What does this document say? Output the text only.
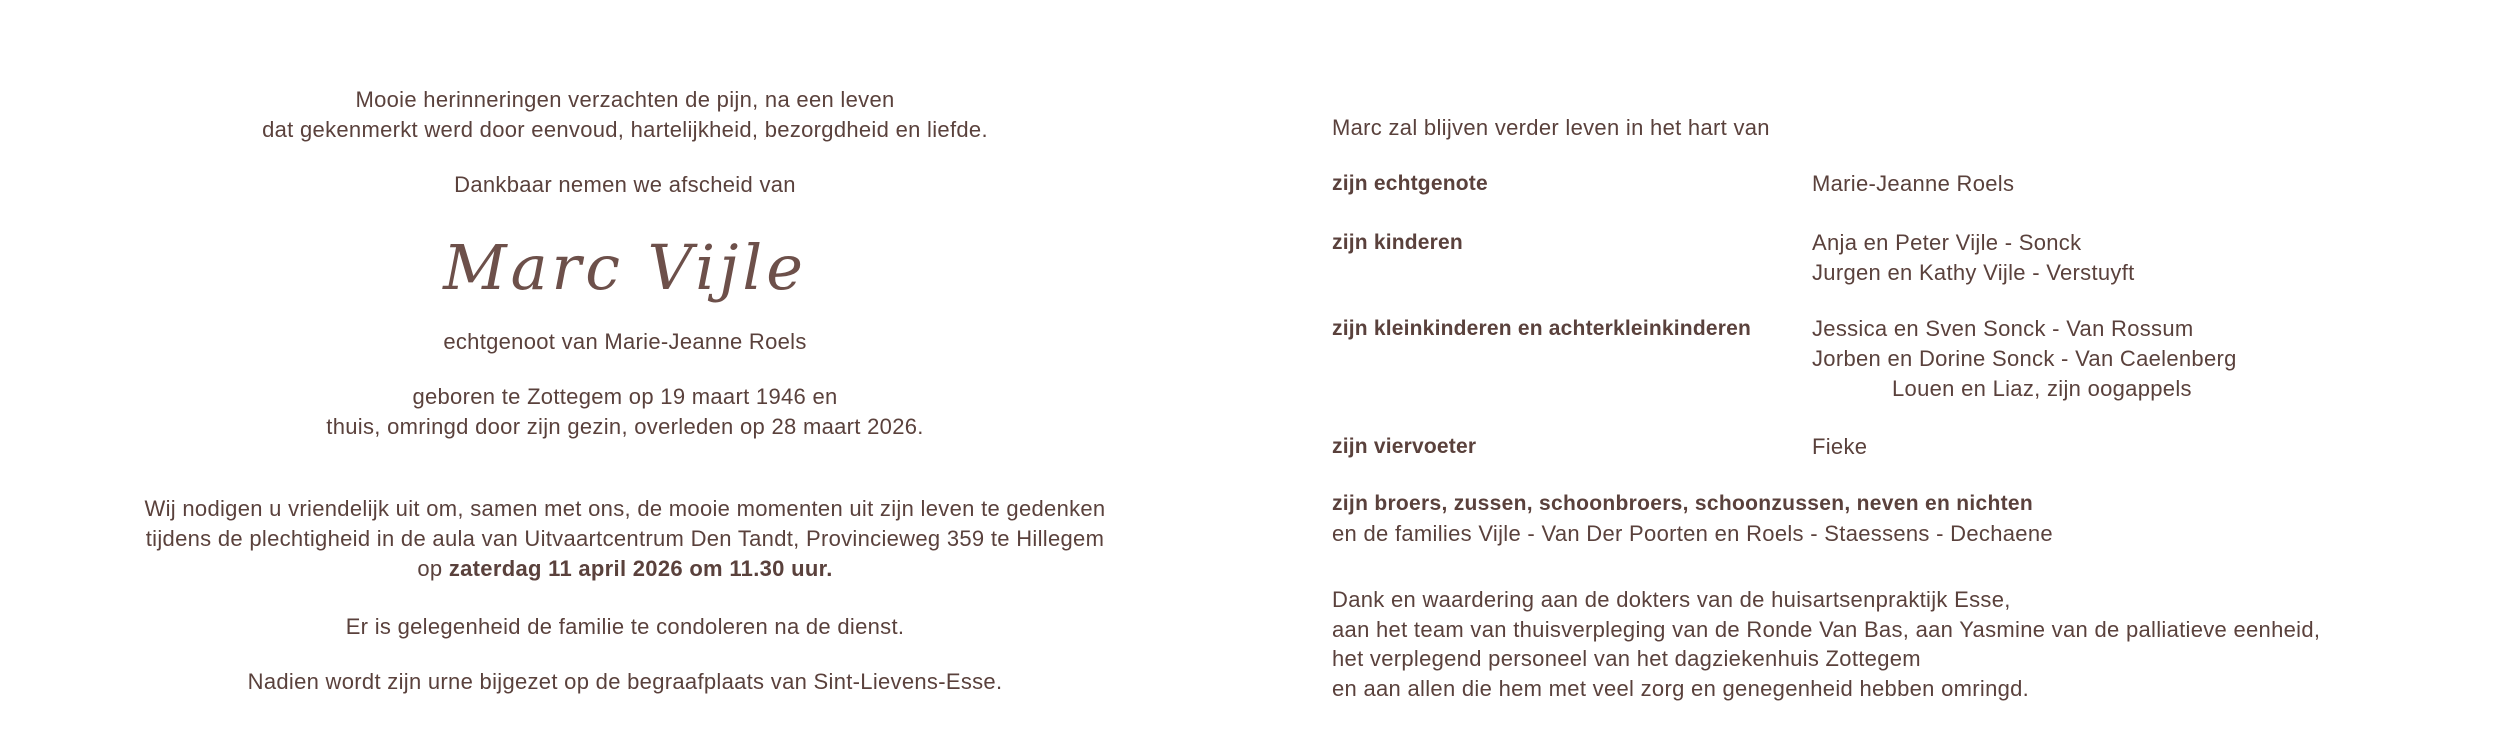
Mooie herinneringen verzachten de pijn, na een leven
dat gekenmerkt werd door eenvoud, hartelijkheid, bezorgdheid en liefde.
Dankbaar nemen we afscheid van
Marc Vijle
echtgenoot van Marie-Jeanne Roels
geboren te Zottegem op 19 maart 1946 en
thuis, omringd door zijn gezin, overleden op 28 maart 2026.
Wij nodigen u vriendelijk uit om, samen met ons, de mooie momenten uit zijn leven te gedenken
tijdens de plechtigheid in de aula van Uitvaartcentrum Den Tandt, Provincieweg 359 te Hillegem
op zaterdag 11 april 2026 om 11.30 uur.
Er is gelegenheid de familie te condoleren na de dienst.
Nadien wordt zijn urne bijgezet op de begraafplaats van Sint-Lievens-Esse.
Marc zal blijven verder leven in het hart van
zijn echtgenote	Marie-Jeanne Roels
zijn kinderen	Anja en Peter Vijle - Sonck
Jurgen en Kathy Vijle - Verstuyft
zijn kleinkinderen en achterkleinkinderen	Jessica en Sven Sonck - Van Rossum
Jorben en Dorine Sonck - Van Caelenberg
Louen en Liaz, zijn oogappels
zijn viervoeter	Fieke
zijn broers, zussen, schoonbroers, schoonzussen, neven en nichten
en de families Vijle - Van Der Poorten en Roels - Staessens - Dechaene
Dank en waardering aan de dokters van de huisartsenpraktijk Esse,
aan het team van thuisverpleging van de Ronde Van Bas, aan Yasmine van de palliatieve eenheid,
het verplegend personeel van het dagziekenhuis Zottegem
en aan allen die hem met veel zorg en genegenheid hebben omringd.
